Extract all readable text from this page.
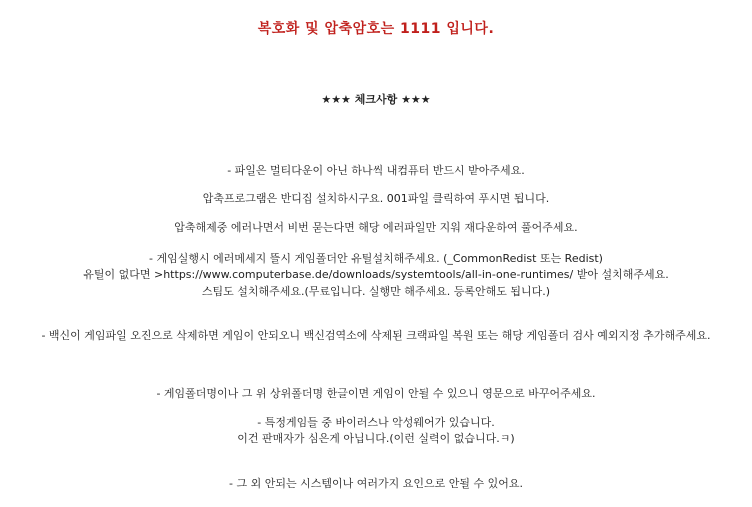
복호화 및 압축암호는 1111 입니다.
★★★ 체크사항 ★★★
- 파일은 멀티다운이 아닌 하나씩 내컴퓨터 반드시 받아주세요.
압축프로그램은 반디집 설치하시구요. 001파일 클릭하여 푸시면 됩니다.
압축해제중 에러나면서 비번 묻는다면 해당 에러파일만 지워 재다운하여 풀어주세요.
- 게임실행시 에러메세지 뜰시 게임폴더안 유틸설치해주세요. (_CommonRedist 또는 Redist)
유틸이 없다면 >https://www.computerbase.de/downloads/systemtools/all-in-one-runtimes/ 받아 설치해주세요.
스팀도 설치해주세요.(무료입니다. 실행만 해주세요. 등록안해도 됩니다.)
- 백신이 게임파일 오진으로 삭제하면 게임이 안되오니 백신검역소에 삭제된 크랙파일 복원 또는 해당 게임폴더 검사 예외지정 추가해주세요.
- 게임폴더명이나 그 위 상위폴더명 한글이면 게임이 안될 수 있으니 영문으로 바꾸어주세요.
- 특정게임들 중 바이러스나 악성웨어가 있습니다.
이건 판매자가 심은게 아닙니다.(이런 실력이 없습니다.ㅋ)
- 그 외 안되는 시스템이나 여러가지 요인으로 안될 수 있어요.
